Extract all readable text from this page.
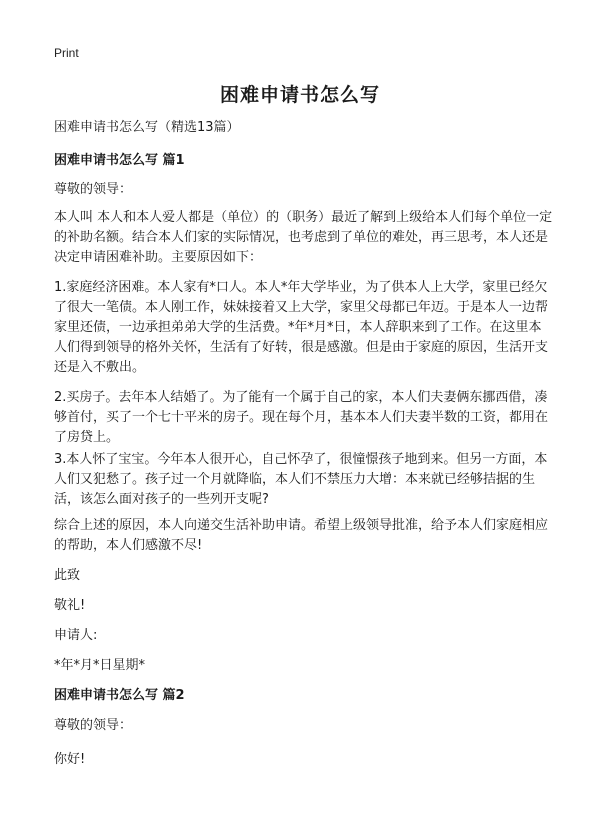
Print
困难申请书怎么写

困难申请书怎么写（精选13篇）

困难申请书怎么写 篇1

尊敬的领导：

本人叫 本人和本人爱人都是（单位）的（职务）最近了解到上级给本人们每个单位一定的补助名额。结合本人们家的实际情况，也考虑到了单位的难处，再三思考，本人还是决定申请困难补助。主要原因如下：

1.家庭经济困难。本人家有*口人。本人*年大学毕业，为了供本人上大学，家里已经欠了很大一笔债。本人刚工作，妹妹接着又上大学，家里父母都已年迈。于是本人一边帮家里还债，一边承担弟弟大学的生活费。*年*月*日，本人辞职来到了工作。在这里本人们得到领导的格外关怀，生活有了好转，很是感激。但是由于家庭的原因，生活开支还是入不敷出。

2.买房子。去年本人结婚了。为了能有一个属于自己的家，本人们夫妻俩东挪西借，凑够首付，买了一个七十平米的房子。现在每个月，基本本人们夫妻半数的工资，都用在了房贷上。

3.本人怀了宝宝。今年本人很开心，自己怀孕了，很憧憬孩子地到来。但另一方面，本人们又犯愁了。孩子过一个月就降临，本人们不禁压力大增：本来就已经够拮据的生活，该怎么面对孩子的一些列开支呢?

综合上述的原因，本人向递交生活补助申请。希望上级领导批准，给予本人们家庭相应的帮助，本人们感激不尽!

此致

敬礼!

申请人:

*年*月*日星期*

困难申请书怎么写 篇2

尊敬的领导：

你好!
